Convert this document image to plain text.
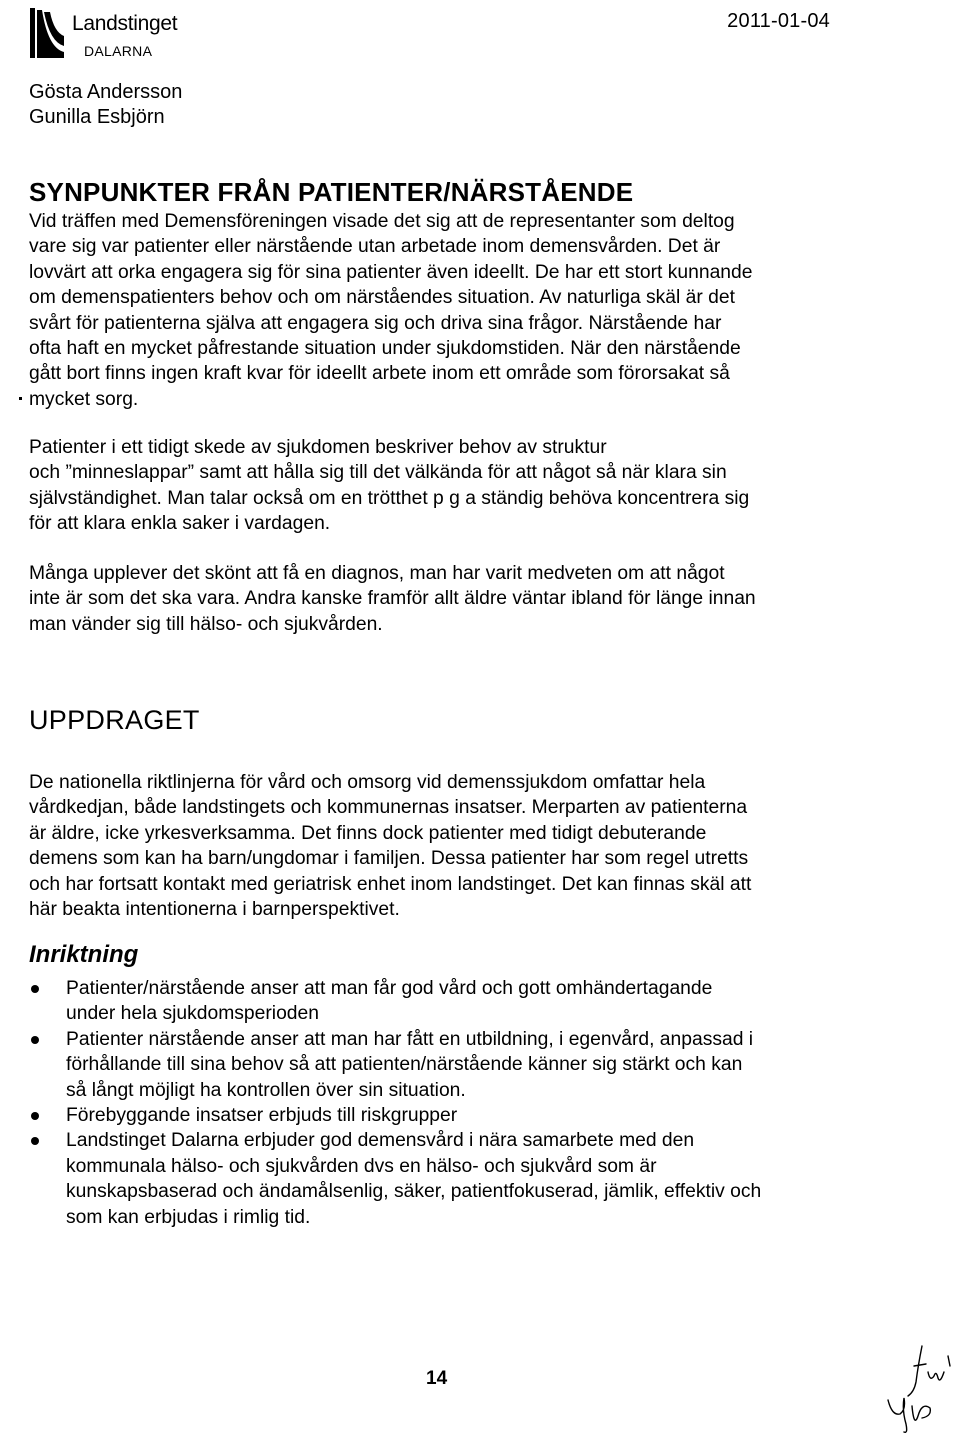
Landstinget
DALARNA
2011-01-04
Gösta Andersson
Gunilla Esbjörn
SYNPUNKTER FRÅN PATIENTER/NÄRSTÅENDE
Vid träffen med Demensföreningen visade det sig att de representanter som deltog
vare sig var patienter eller närstående utan arbetade inom demensvården. Det är
lovvärt att orka engagera sig för sina patienter även ideellt. De har ett stort kunnande
om demenspatienters behov och om närståendes situation. Av naturliga skäl är det
svårt för patienterna själva att engagera sig och driva sina frågor. Närstående har
ofta haft en mycket påfrestande situation under sjukdomstiden. När den närstående
gått bort finns ingen kraft kvar för ideellt arbete inom ett område som förorsakat så
mycket sorg.
Patienter i ett tidigt skede av sjukdomen beskriver behov av struktur
och ”minneslappar” samt att hålla sig till det välkända för att något så när klara sin
självständighet. Man talar också om en trötthet p g a ständig behöva koncentrera sig
för att klara enkla saker i vardagen.
Många upplever det skönt att få en diagnos, man har varit medveten om att något
inte är som det ska vara. Andra kanske framför allt äldre väntar ibland för länge innan
man vänder sig till hälso- och sjukvården.
UPPDRAGET
De nationella riktlinjerna för vård och omsorg vid demenssjukdom omfattar hela
vårdkedjan, både landstingets och kommunernas insatser. Merparten av patienterna
är äldre, icke yrkesverksamma. Det finns dock patienter med tidigt debuterande
demens som kan ha barn/ungdomar i familjen. Dessa patienter har som regel utretts
och har fortsatt kontakt med geriatrisk enhet inom landstinget. Det kan finnas skäl att
här beakta intentionerna i barnperspektivet.
Inriktning
Patienter/närstående anser att man får god vård och gott omhändertagande
under hela sjukdomsperioden
Patienter närstående anser att man har fått en utbildning, i egenvård, anpassad i
förhållande till sina behov så att patienten/närstående känner sig stärkt och kan
så långt möjligt ha kontrollen över sin situation.
Förebyggande insatser erbjuds till riskgrupper
Landstinget Dalarna erbjuder god demensvård i nära samarbete med den
kommunala hälso- och sjukvården dvs en hälso- och sjukvård som är
kunskapsbaserad och ändamålsenlig, säker, patientfokuserad, jämlik, effektiv och
som kan erbjudas i rimlig tid.
14
